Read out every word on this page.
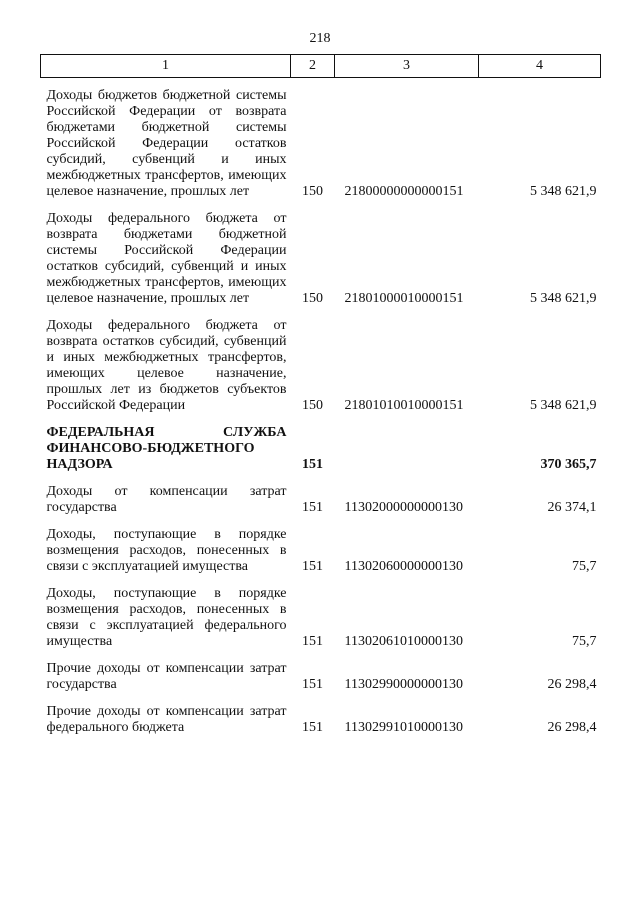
218
1	2	3	4
Доходы бюджетов бюджетной системы Российской Федерации от возврата бюджетами бюджетной системы Российской Федерации остатков субсидий, субвенций и иных межбюджетных трансфертов, имеющих целевое назначение, прошлых лет	150	21800000000000151	5 348 621,9
Доходы федерального бюджета от возврата бюджетами бюджетной системы Российской Федерации остатков субсидий, субвенций и иных межбюджетных трансфертов, имеющих целевое назначение, прошлых лет	150	21801000010000151	5 348 621,9
Доходы федерального бюджета от возврата остатков субсидий, субвенций и иных межбюджетных трансфертов, имеющих целевое назначение, прошлых лет из бюджетов субъектов Российской Федерации	150	21801010010000151	5 348 621,9
ФЕДЕРАЛЬНАЯ СЛУЖБА ФИНАНСОВО-БЮДЖЕТНОГО НАДЗОРА	151		370 365,7
Доходы от компенсации затрат государства	151	11302000000000130	26 374,1
Доходы, поступающие в порядке возмещения расходов, понесенных в связи с эксплуатацией имущества	151	11302060000000130	75,7
Доходы, поступающие в порядке возмещения расходов, понесенных в связи с эксплуатацией федерального имущества	151	11302061010000130	75,7
Прочие доходы от компенсации затрат государства	151	11302990000000130	26 298,4
Прочие доходы от компенсации затрат федерального бюджета	151	11302991010000130	26 298,4
